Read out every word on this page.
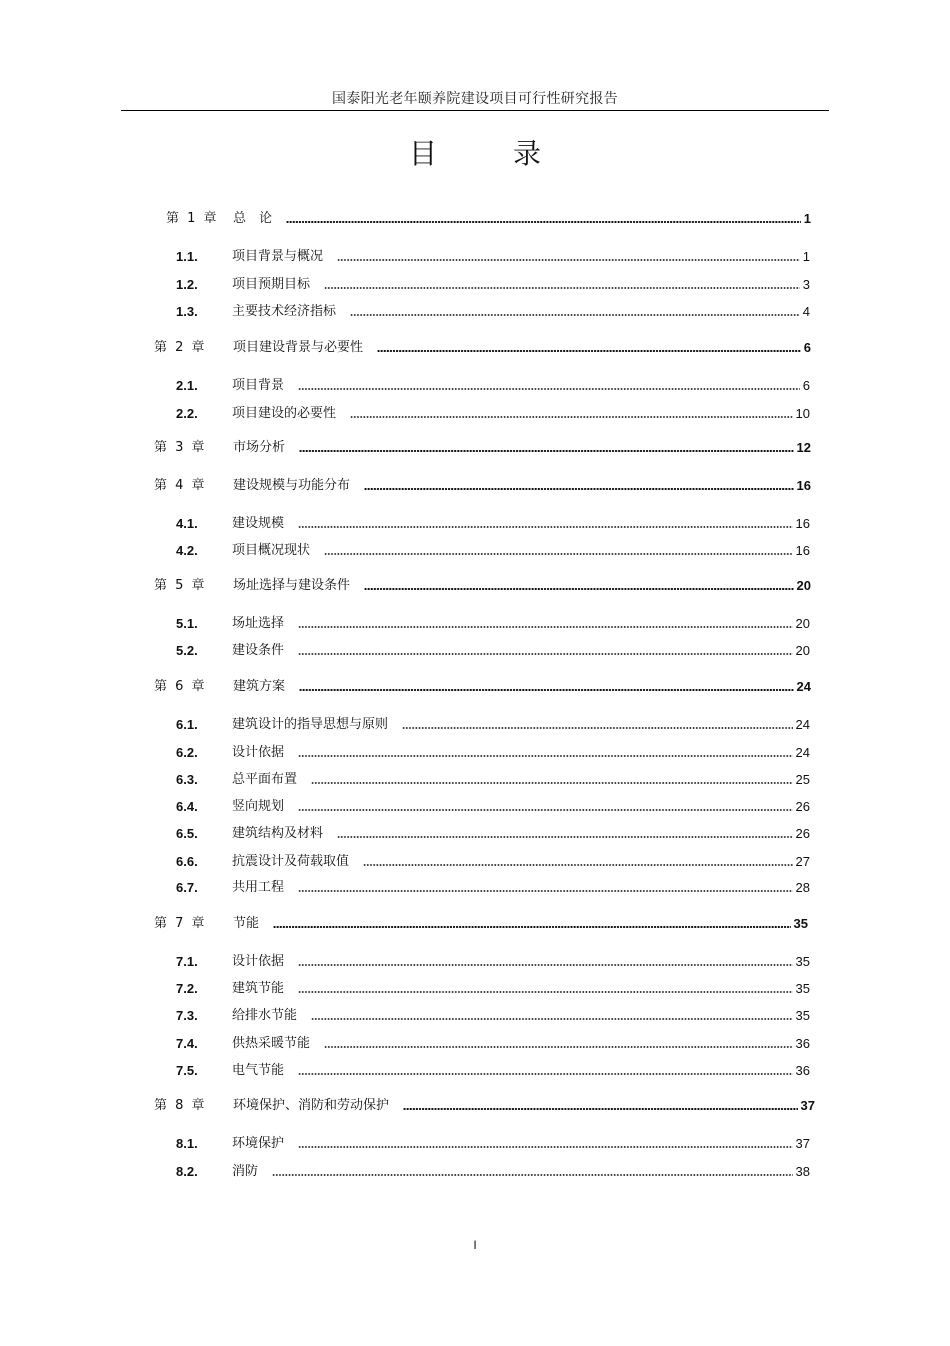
国泰阳光老年颐养院建设项目可行性研究报告
目录
第 1 章	总　论	1
1.1.	项目背景与概况	1
1.2.	项目预期目标	3
1.3.	主要技术经济指标	4
第 2 章	项目建设背景与必要性	6
2.1.	项目背景	6
2.2.	项目建设的必要性	10
第 3 章	市场分析	12
第 4 章	建设规模与功能分布	16
4.1.	建设规模	16
4.2.	项目概况现状	16
第 5 章	场址选择与建设条件	20
5.1.	场址选择	20
5.2.	建设条件	20
第 6 章	建筑方案	24
6.1.	建筑设计的指导思想与原则	24
6.2.	设计依据	24
6.3.	总平面布置	25
6.4.	竖向规划	26
6.5.	建筑结构及材料	26
6.6.	抗震设计及荷载取值	27
6.7.	共用工程	28
第 7 章	节能	35
7.1.	设计依据	35
7.2.	建筑节能	35
7.3.	给排水节能	35
7.4.	供热采暖节能	36
7.5.	电气节能	36
第 8 章	环境保护、消防和劳动保护	37
8.1.	环境保护	37
8.2.	消防	38
I
